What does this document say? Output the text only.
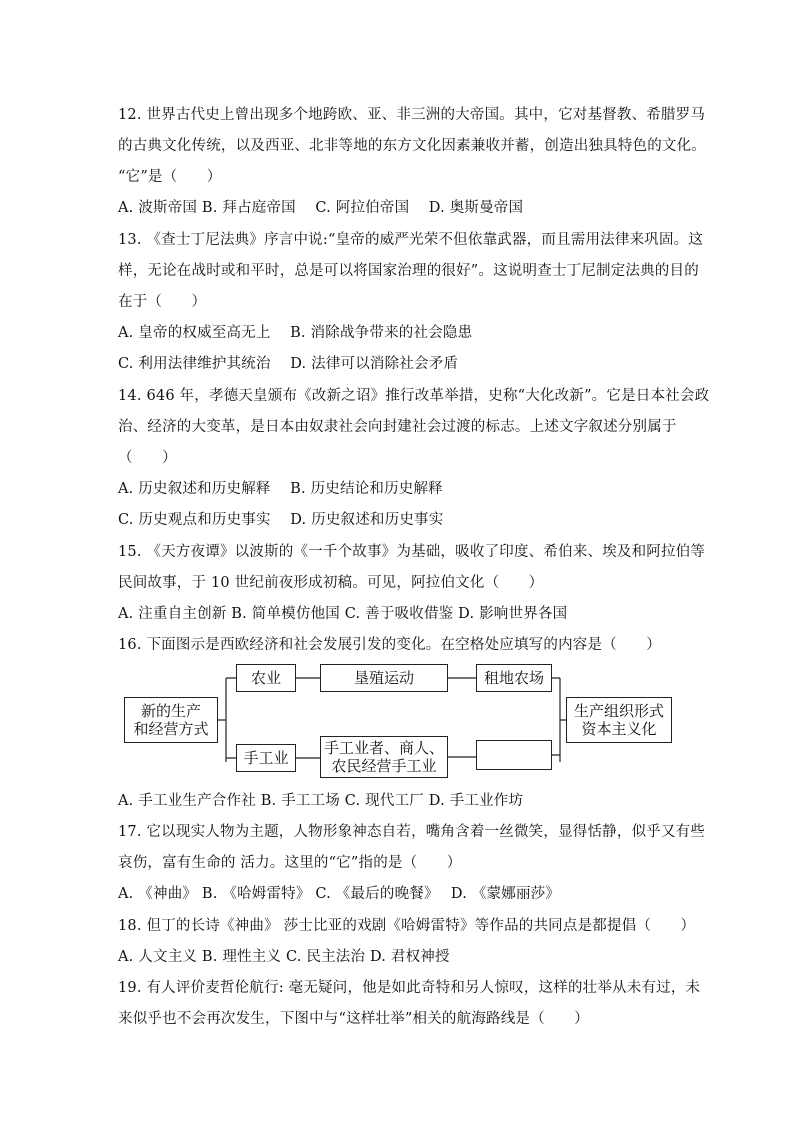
12. 世界古代史上曾出现多个地跨欧、亚、非三洲的大帝国。其中，它对基督教、希腊罗马
的古典文化传统，以及西亚、北非等地的东方文化因素兼收并蓄，创造出独具特色的文化。
“它”是（　　）
A. 波斯帝国 B. 拜占庭帝国　 C. 阿拉伯帝国　 D. 奥斯曼帝国
13. 《查士丁尼法典》序言中说:“皇帝的威严光荣不但依靠武器，而且需用法律来巩固。这
样，无论在战时或和平时，总是可以将国家治理的很好”。这说明查士丁尼制定法典的目的
在于（　　）
A. 皇帝的权威至高无上　 B. 消除战争带来的社会隐患
C. 利用法律维护其统治　 D. 法律可以消除社会矛盾
14. 646 年，孝德天皇颁布《改新之诏》推行改革举措，史称“大化改新”。它是日本社会政
治、经济的大变革，是日本由奴隶社会向封建社会过渡的标志。上述文字叙述分别属于
（　　）
A. 历史叙述和历史解释　 B. 历史结论和历史解释
C. 历史观点和历史事实　 D. 历史叙述和历史事实
15. 《天方夜谭》以波斯的《一千个故事》为基础，吸收了印度、希伯来、埃及和阿拉伯等
民间故事，于 10 世纪前夜形成初稿。可见，阿拉伯文化（　　）
A. 注重自主创新 B. 简单模仿他国 C. 善于吸收借鉴 D. 影响世界各国
16. 下面图示是西欧经济和社会发展引发的变化。在空格处应填写的内容是（　　）
新的生产
和经营方式
农业	垦殖运动	租地农场
手工业
手工业者、商人、
农民经营手工业
生产组织形式
资本主义化
A. 手工业生产合作社 B. 手工工场 C. 现代工厂 D. 手工业作坊
17. 它以现实人物为主题，人物形象神态自若，嘴角含着一丝微笑，显得恬静，似乎又有些
哀伤，富有生命的 活力。这里的“它”指的是（　　）
A. 《神曲》 B. 《哈姆雷特》 C. 《最后的晚餐》　 D. 《蒙娜丽莎》
18. 但丁的长诗《神曲》 莎士比亚的戏剧《哈姆雷特》等作品的共同点是都提倡（　　）
A. 人文主义 B. 理性主义 C. 民主法治 D. 君权神授
19. 有人评价麦哲伦航行: 毫无疑问，他是如此奇特和另人惊叹，这样的壮举从未有过，未
来似乎也不会再次发生，下图中与“这样壮举”相关的航海路线是（　　）
